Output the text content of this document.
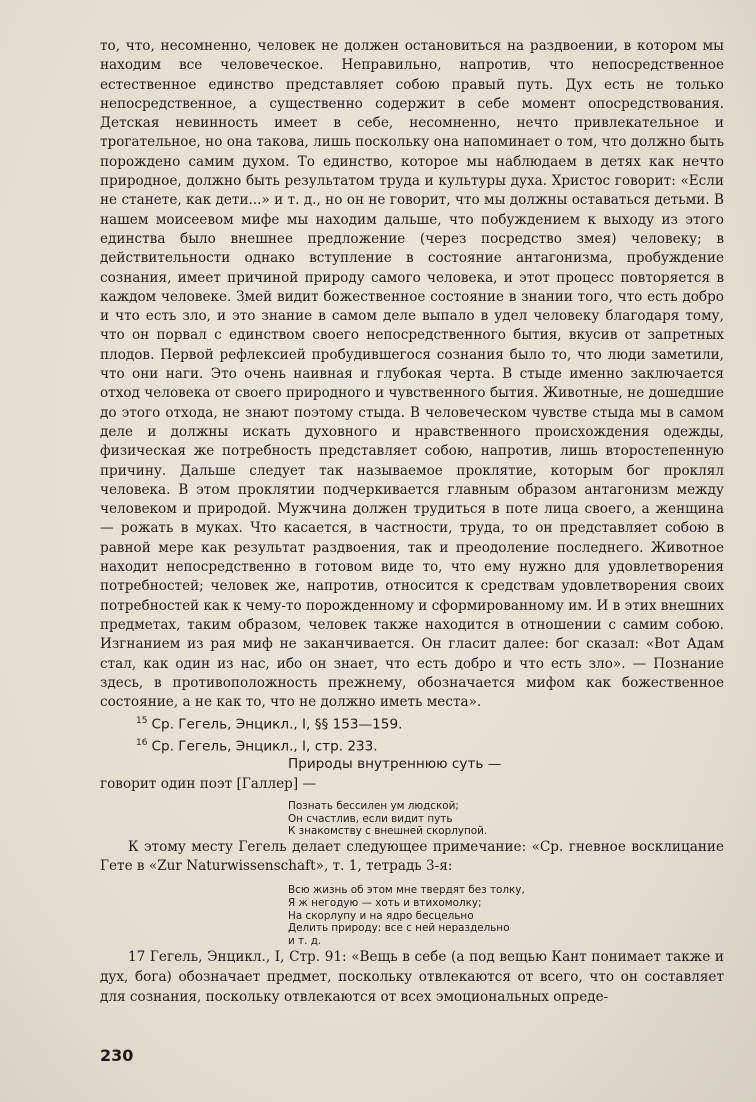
то, что, несомненно, человек не должен остановиться на раздвоении, в котором мы находим все человеческое. Неправильно, напротив, что непосредственное естественное единство представляет собою правый путь. Дух есть не только непосредственное, а существенно содержит в себе момент опосредствования. Детская невинность имеет в себе, несомненно, нечто привлекательное и трогательное, но она такова, лишь поскольку она напоминает о том, что должно быть порождено самим духом. То единство, которое мы наблюдаем в детях как нечто природное, должно быть результатом труда и культуры духа. Христос говорит: «Если не станете, как дети...» и т. д., но он не говорит, что мы должны оставаться детьми. В нашем моисеевом мифе мы находим дальше, что побуждением к выходу из этого единства было внешнее предложение (через посредство змея) человеку; в действительности однако вступление в состояние антагонизма, пробуждение сознания, имеет причиной природу самого человека, и этот процесс повторяется в каждом человеке. Змей видит божественное состояние в знании того, что есть добро и что есть зло, и это знание в самом деле выпало в удел человеку благодаря тому, что он порвал с единством своего непосредственного бытия, вкусив от запретных плодов. Первой рефлексией пробудившегося сознания было то, что люди заметили, что они наги. Это очень наивная и глубокая черта. В стыде именно заключается отход человека от своего природного и чувственного бытия. Животные, не дошедшие до этого отхода, не знают поэтому стыда. В человеческом чувстве стыда мы в самом деле и должны искать духовного и нравственного происхождения одежды, физическая же потребность представляет собою, напротив, лишь второстепенную причину. Дальше следует так называемое проклятие, которым бог проклял человека. В этом проклятии подчеркивается главным образом антагонизм между человеком и природой. Мужчина должен трудиться в поте лица своего, а женщина — рожать в муках. Что касается, в частности, труда, то он представляет собою в равной мере как результат раздвоения, так и преодоление последнего. Животное находит непосредственно в готовом виде то, что ему нужно для удовлетворения потребностей; человек же, напротив, относится к средствам удовлетворения своих потребностей как к чему-то порожденному и сформированному им. И в этих внешних предметах, таким образом, человек также находится в отношении с самим собою. Изгнанием из рая миф не заканчивается. Он гласит далее: бог сказал: «Вот Адам стал, как один из нас, ибо он знает, что есть добро и что есть зло». — Познание здесь, в противоположность прежнему, обозначается мифом как божественное состояние, а не как то, что не должно иметь места».

$^{15}$ Ср. Гегель, Энцикл., I, §§ 153—159.

$^{16}$ Ср. Гегель, Энцикл., I, стр. 233.

Природы внутреннюю суть —

говорит один поэт [Галлер] —

Познать бессилен ум людской;
Он счастлив, если видит путь
К знакомству с внешней скорлупой.

К этому месту Гегель делает следующее примечание: «Ср. гневное восклицание Гете в «Zur Naturwissenschaft», т. 1, тетрадь 3-я:

Всю жизнь об этом мне твердят без толку,
Я ж негодую — хоть и втихомолку;
На скорлупу и на ядро бесцельно
Делить природу: все с ней нераздельно
и т. д.

17 Гегель, Энцикл., I, Стр. 91: «Вещь в себе (а под вещью Кант понимает также и дух, бога) обозначает предмет, поскольку отвлекаются от всего, что он составляет для сознания, поскольку отвлекаются от всех эмоциональных опреде-

230
